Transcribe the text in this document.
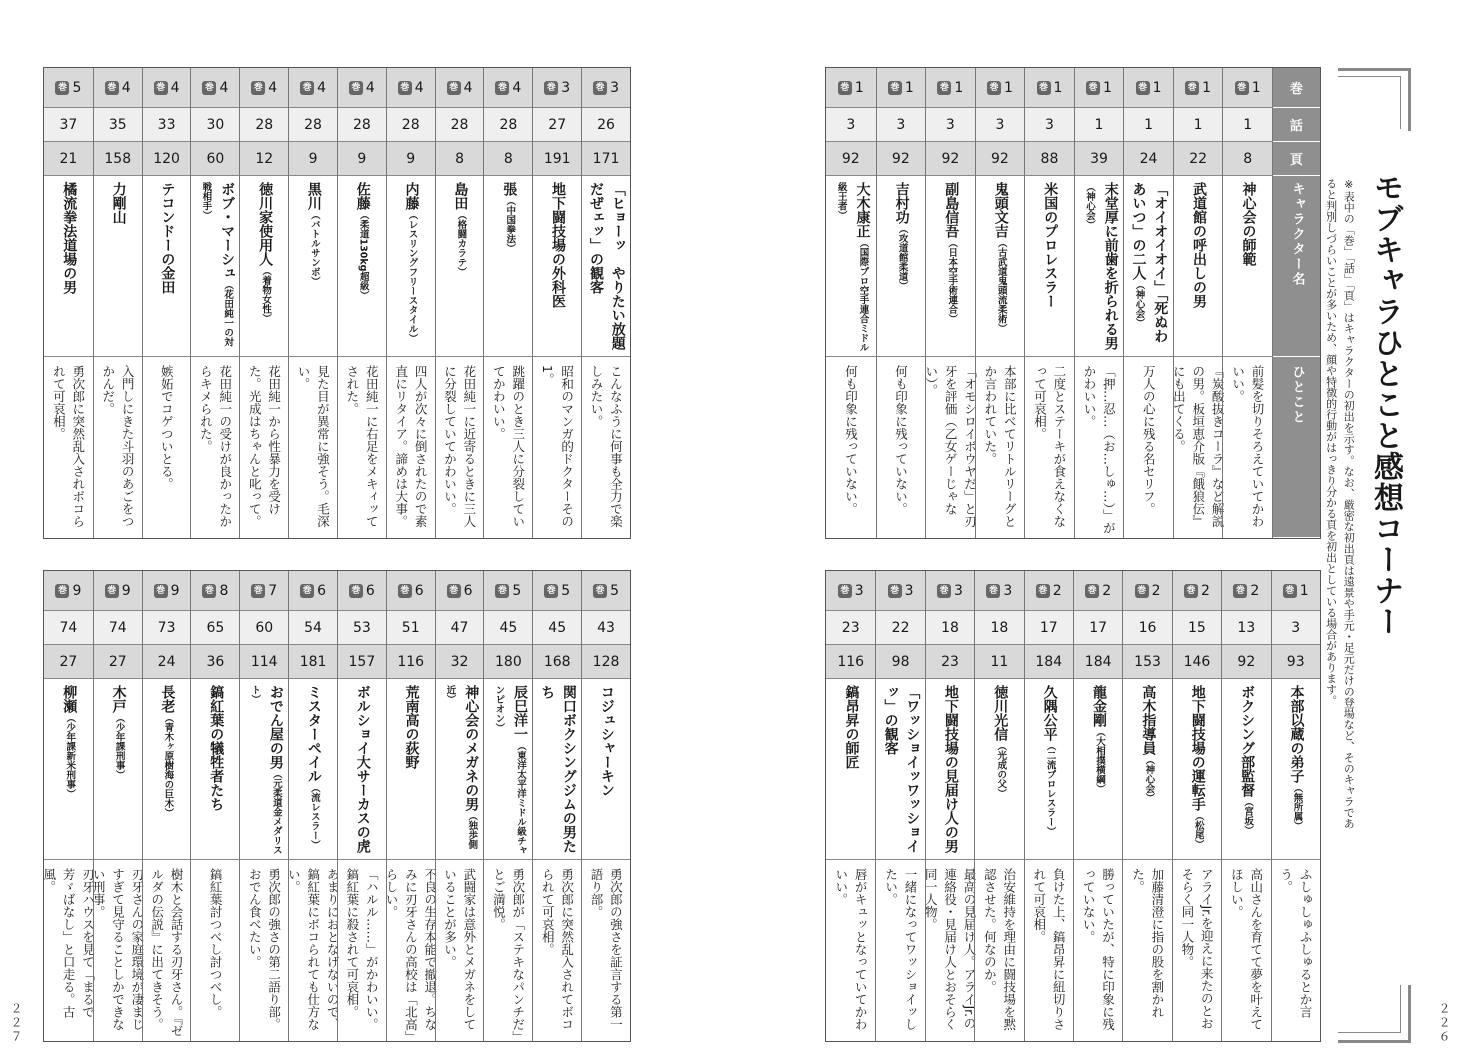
モブキャラひとこと感想コーナー
※表中の「巻」「話」「頁」はキャラクターの初出を示す。なお、厳密な初出頁は遠景や手元・足元だけの登場など、そのキャラであると判別しづらいことが多いため、顔や特徴的行動がはっきり分かる頁を初出としている場合があります。
２２６
２２７
巻 1
3
92
大木康正（国際プロ空手連合ミドル級王者）
何も印象に残っていない。
巻 1
3
92
吉村功（攻道館柔道）
何も印象に残っていない。
巻 1
3
92
副島信吾（日本空手術連合）
「オモシロイボウヤだ」と刃牙を評価（乙女ゲーじゃない）。
巻 1
3
92
鬼頭文吉（古武道鬼頭流柔術）
本部に比べてリトルリーグとか言われていた。
巻 1
3
88
米国のプロレスラー
二度とステーキが食えなくなって可哀相。
巻 1
1
39
末堂厚に前歯を折られる男（神心会）
「押…忍…（お…しゅ…）」がかわいい。
巻 1
1
24
「オイオイオイ」「死ぬわあいつ」の二人（神心会）
万人の心に残る名セリフ。
巻 1
1
22
武道館の呼出しの男
『炭酸抜きコーラ』など解説の男。板垣恵介版『餓狼伝』にも出てくる。
巻 1
1
8
神心会の師範
前髪を切りそろえていてかわいい。
巻
話
頁
キャラクター名
ひとこと
巻 3
23
116
鎬昂昇の師匠
唇がキュッとなっていてかわいい。
巻 3
22
98
「ワッショイッワッショイッ」の観客
一緒になってワッショイッしたい。
巻 3
18
23
地下闘技場の見届け人の男
最高の見届け人。アライJr.の連絡役・見届け人とおそらく同一人物。
巻 3
18
11
徳川光信（光成の父）
治安維持を理由に闘技場を黙認させた。何なのか。
巻 2
17
184
久隅公平（二流プロレスラー）
負けた上、鎬昂昇に紐切りされて可哀相。
巻 2
17
184
龍金剛（大相撲横綱）
勝っていたが、特に印象に残っていない。
巻 2
16
153
高木指導員（神心会）
加藤清澄に指の股を割かれた。
巻 2
15
146
地下闘技場の運転手（松尾）
アライJr.を迎えに来たのとおそらく同一人物。
巻 2
13
92
ボクシング部監督（宮坂）
高山さんを育てて夢を叶えてほしい。
巻 1
3
93
本部以蔵の弟子（無所属）
ふしゅしゅふしゅるとか言う。
巻 5
37
21
橘流拳法道場の男
勇次郎に突然乱入されボコられて可哀相。
巻 4
35
158
力剛山
入門しにきた斗羽のあごをつかんだ。
巻 4
33
120
テコンドーの金田
嫉妬でコゲついとる。
巻 4
30
60
ボブ・マーシュ（花田純一の対戦相手）
花田純一の受けが良かったからキメられた。
巻 4
28
12
徳川家使用人（着物女性）
花田純一から性暴力を受けた。光成はちゃんと叱って。
巻 4
28
9
黒川（バトルサンボ）
見た目が異常に強そう。毛深い。
巻 4
28
9
佐藤（柔道130kg超級）
花田純一に右足をメキィッてされた。
巻 4
28
9
内藤（レスリングフリースタイル）
四人が次々に倒されたので素直にリタイア。諦めは大事。
巻 4
28
8
島田（格闘カラテ）
花田純一に近寄るときに三人に分裂していてかわいい。
巻 4
28
8
張（中国拳法）
跳躍のとき三人に分裂していてかわいい。
巻 3
27
191
地下闘技場の外科医
昭和のマンガ的ドクターその1。
巻 3
26
171
「ヒョーッ　やりたい放題だぜェッ」の観客
こんなふうに何事も全力で楽しみたい。
巻 9
74
27
柳瀬（少年課新米刑事）
刃牙ハウスを見て「まるで芳ゞばなし」と口走る。古風。
巻 9
74
27
木戸（少年課刑事）
刃牙さんの家庭環境が凄まじすぎて見守ることしかできない刑事。
巻 9
73
24
長老（青木ヶ原樹海の巨木）
樹木と会話する刃牙さん。『ゼルダの伝説』に出てきそう。
巻 8
65
36
鎬紅葉の犠牲者たち
鎬紅葉討つべし討つべし。
巻 7
60
114
おでん屋の男（元柔道金メダリスト）
勇次郎の強さの第二語り部。おでん食べたい。
巻 6
54
181
ミスターペイル（流レスラー）
あまりにおとなげないので、鎬紅葉にボコられても仕方ない。
巻 6
53
157
ボルショイ大サーカスの虎
「ハルル……」がかわいい。鎬紅葉に殺されて可哀相。
巻 6
51
116
荒南高の荻野
不良の生存本能で撤退。ちなみに刃牙さんの高校は「北高」らしい。
巻 6
47
32
神心会のメガネの男（独歩側近）
武闘家は意外とメガネをしていることが多い。
巻 5
45
180
辰巳洋一（東洋太平洋ミドル級チャンピオン）
勇次郎が「ステキなパンチだ」とご満悦。
巻 5
45
168
関口ボクシングジムの男たち
勇次郎に突然乱入されてボコられて可哀相。
巻 5
43
128
コジュシャーキン
勇次郎の強さを証言する第一語り部。
